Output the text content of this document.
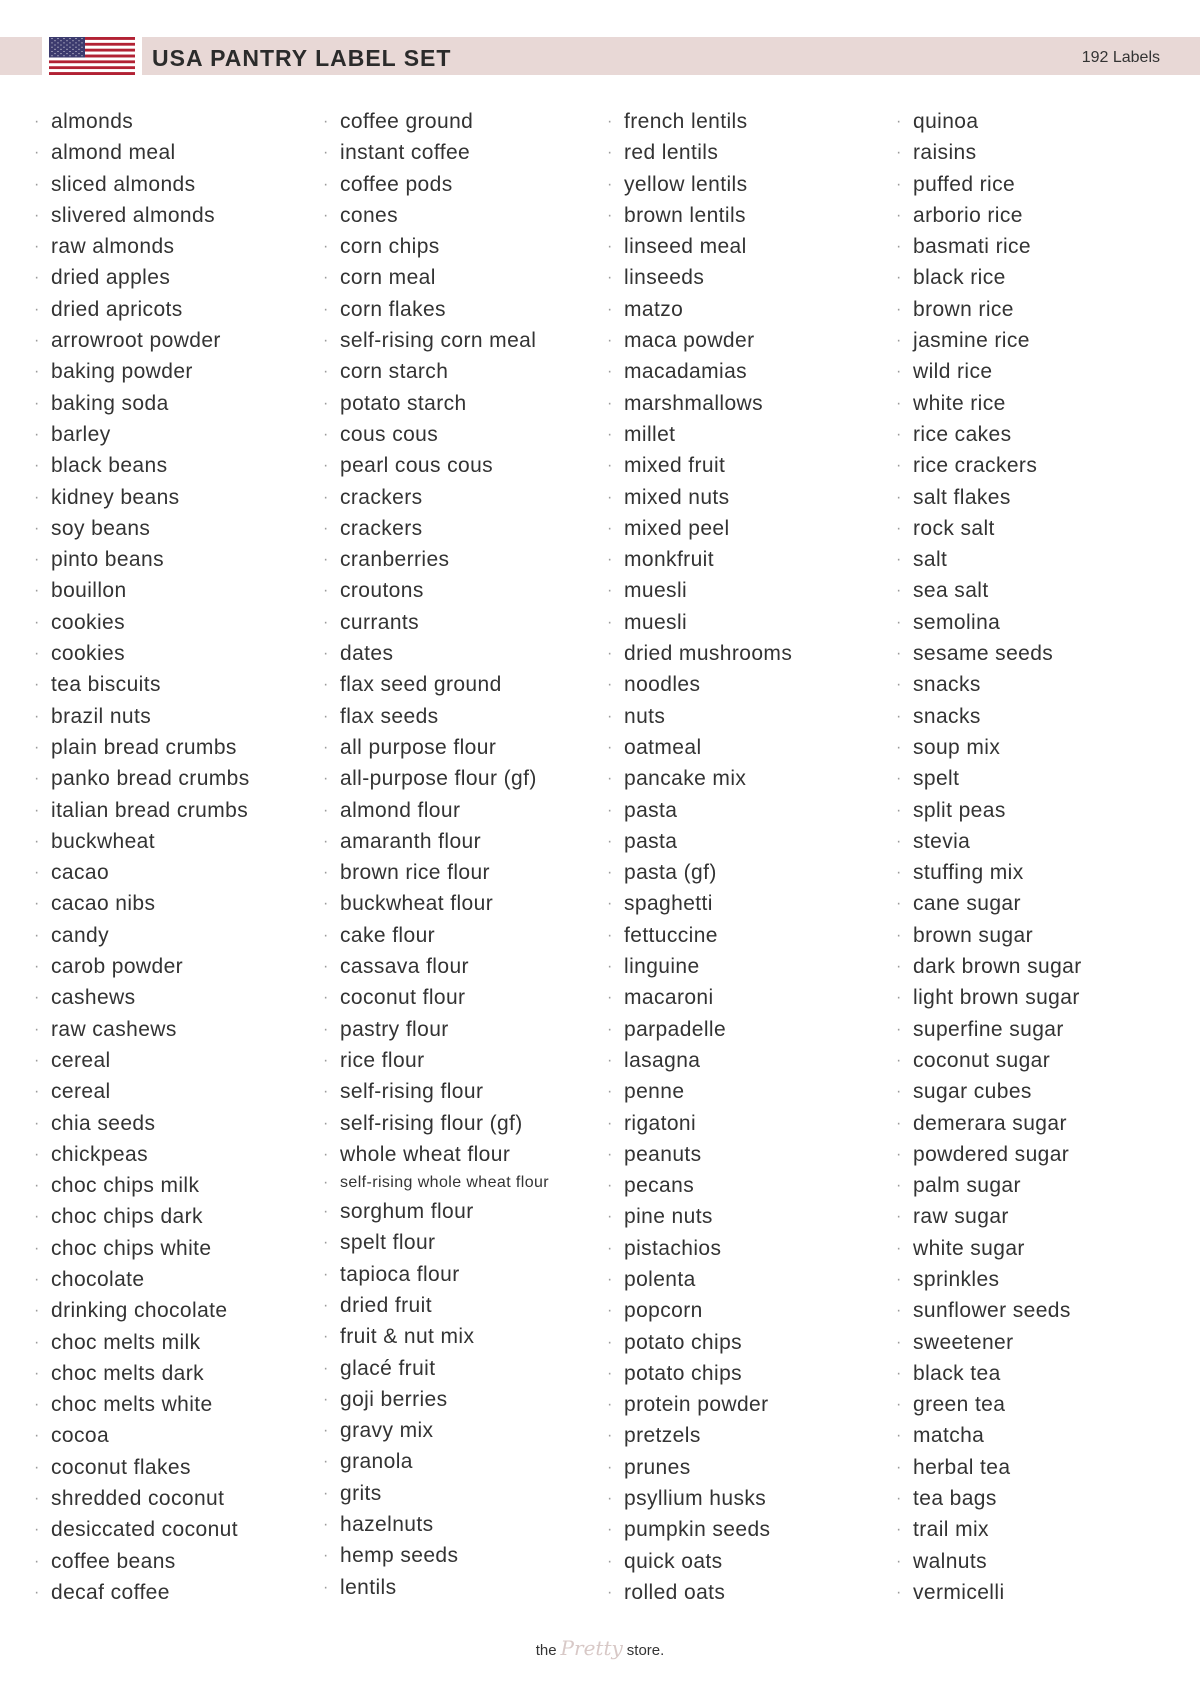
USA PANTRY LABEL SET	192 Labels
· almonds
· almond meal
· sliced almonds
· slivered almonds
· raw almonds
· dried apples
· dried apricots
· arrowroot powder
· baking powder
· baking soda
· barley
· black beans
· kidney beans
· soy beans
· pinto beans
· bouillon
· cookies
· cookies
· tea biscuits
· brazil nuts
· plain bread crumbs
· panko bread crumbs
· italian bread crumbs
· buckwheat
· cacao
· cacao nibs
· candy
· carob powder
· cashews
· raw cashews
· cereal
· cereal
· chia seeds
· chickpeas
· choc chips milk
· choc chips dark
· choc chips white
· chocolate
· drinking chocolate
· choc melts milk
· choc melts dark
· choc melts white
· cocoa
· coconut flakes
· shredded coconut
· desiccated coconut
· coffee beans
· decaf coffee
· coffee ground
· instant coffee
· coffee pods
· cones
· corn chips
· corn meal
· corn flakes
· self-rising corn meal
· corn starch
· potato starch
· cous cous
· pearl cous cous
· crackers
· crackers
· cranberries
· croutons
· currants
· dates
· flax seed ground
· flax seeds
· all purpose flour
· all-purpose flour (gf)
· almond flour
· amaranth flour
· brown rice flour
· buckwheat flour
· cake flour
· cassava flour
· coconut flour
· pastry flour
· rice flour
· self-rising flour
· self-rising flour (gf)
· whole wheat flour
· self-rising whole wheat flour
· sorghum flour
· spelt flour
· tapioca flour
· dried fruit
· fruit & nut mix
· glacé fruit
· goji berries
· gravy mix
· granola
· grits
· hazelnuts
· hemp seeds
· lentils
· french lentils
· red lentils
· yellow lentils
· brown lentils
· linseed meal
· linseeds
· matzo
· maca powder
· macadamias
· marshmallows
· millet
· mixed fruit
· mixed nuts
· mixed peel
· monkfruit
· muesli
· muesli
· dried mushrooms
· noodles
· nuts
· oatmeal
· pancake mix
· pasta
· pasta
· pasta (gf)
· spaghetti
· fettuccine
· linguine
· macaroni
· parpadelle
· lasagna
· penne
· rigatoni
· peanuts
· pecans
· pine nuts
· pistachios
· polenta
· popcorn
· potato chips
· potato chips
· protein powder
· pretzels
· prunes
· psyllium husks
· pumpkin seeds
· quick oats
· rolled oats
· quinoa
· raisins
· puffed rice
· arborio rice
· basmati rice
· black rice
· brown rice
· jasmine rice
· wild rice
· white rice
· rice cakes
· rice crackers
· salt flakes
· rock salt
· salt
· sea salt
· semolina
· sesame seeds
· snacks
· snacks
· soup mix
· spelt
· split peas
· stevia
· stuffing mix
· cane sugar
· brown sugar
· dark brown sugar
· light brown sugar
· superfine sugar
· coconut sugar
· sugar cubes
· demerara sugar
· powdered sugar
· palm sugar
· raw sugar
· white sugar
· sprinkles
· sunflower seeds
· sweetener
· black tea
· green tea
· matcha
· herbal tea
· tea bags
· trail mix
· walnuts
· vermicelli
the Pretty store.
